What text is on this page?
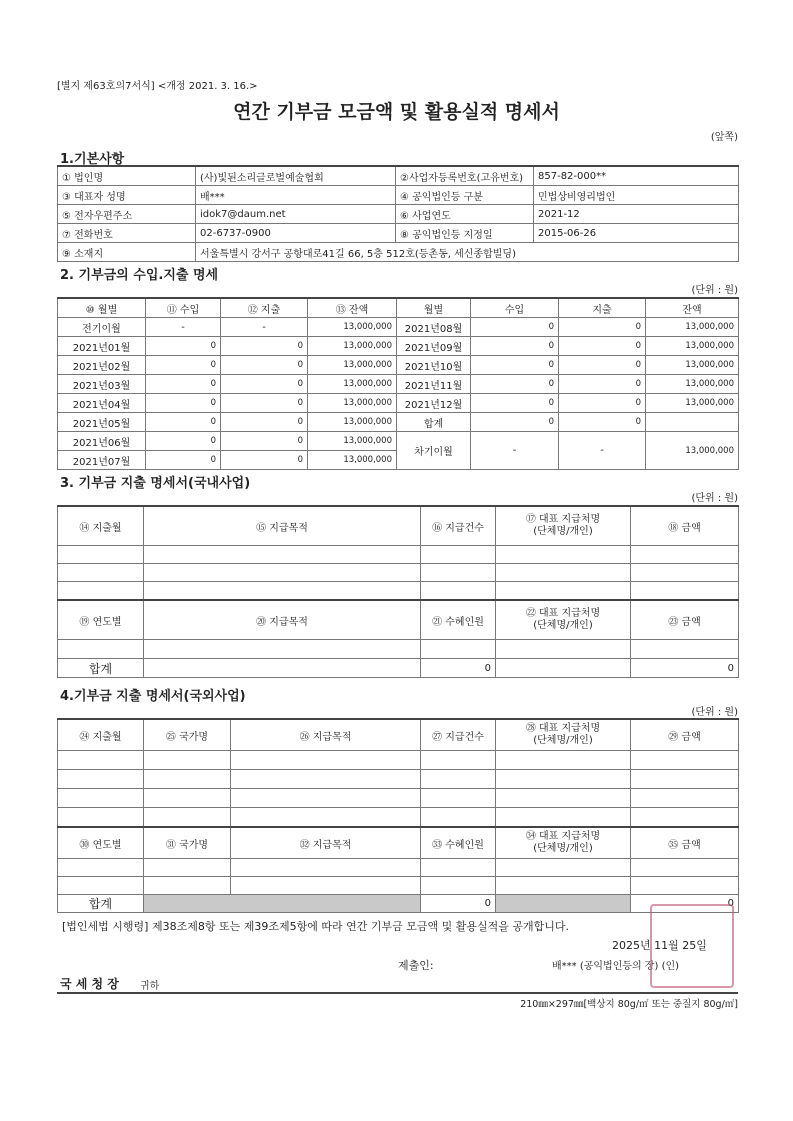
[별지 제63호의7서식] <개정 2021. 3. 16.>
연간 기부금 모금액 및 활용실적 명세서
(앞쪽)
1.기본사항
① 법인명	(사)빛된소리글로벌예술협회	②사업자등록번호(고유번호)	857-82-000**
③ 대표자 성명	배***	④ 공익법인등 구분	민법상비영리법인
⑤ 전자우편주소	idok7@daum.net	⑥ 사업연도	2021-12
⑦ 전화번호	02-6737-0900	⑧ 공익법인등 지정일	2015-06-26
⑨ 소재지	서울특별시 강서구 공항대로41길 66, 5층 512호(등촌동, 세신종합빌딩)		
2. 기부금의 수입.지출 명세
(단위 : 원)
⑩ 월별	⑪ 수입	⑫ 지출	⑬ 잔액	월별	수입	지출	잔액
전기이월	-	-	13,000,000	2021년08월	0	0	13,000,000
2021년01월	0	0	13,000,000	2021년09월	0	0	13,000,000
2021년02월	0	0	13,000,000	2021년10월	0	0	13,000,000
2021년03월	0	0	13,000,000	2021년11월	0	0	13,000,000
2021년04월	0	0	13,000,000	2021년12월	0	0	13,000,000
2021년05월	0	0	13,000,000	합계	0	0	
2021년06월	0	0	13,000,000	차기이월	-	-	13,000,000
2021년07월	0	0	13,000,000				
3. 기부금 지출 명세서(국내사업)
(단위 : 원)
⑭ 지출월	⑮ 지급목적	⑯ 지급건수	⑰ 대표 지급처명
(단체명/개인)	⑱ 금액

⑲ 연도별	⑳ 지급목적	㉑ 수혜인원	㉒ 대표 지급처명
(단체명/개인)	㉓ 금액

합계		0		0
4.기부금 지출 명세서(국외사업)
(단위 : 원)
㉔ 지출월	㉕ 국가명	㉖ 지급목적	㉗ 지급건수	㉘ 대표 지급처명
(단체명/개인)	㉙ 금액

㉚ 연도별	㉛ 국가명	㉜ 지급목적	㉝ 수혜인원	㉞ 대표 지급처명
(단체명/개인)	㉟ 금액

합계			0		0
[법인세법 시행령] 제38조제8항 또는 제39조제5항에 따라 연간 기부금 모금액 및 활용실적을 공개합니다.
2025년 11월 25일
제출인:	배*** (공익법인등의 장) (인)
국 세 청 장 귀하
210㎜×297㎜[백상지 80g/㎡ 또는 중질지 80g/㎡]
